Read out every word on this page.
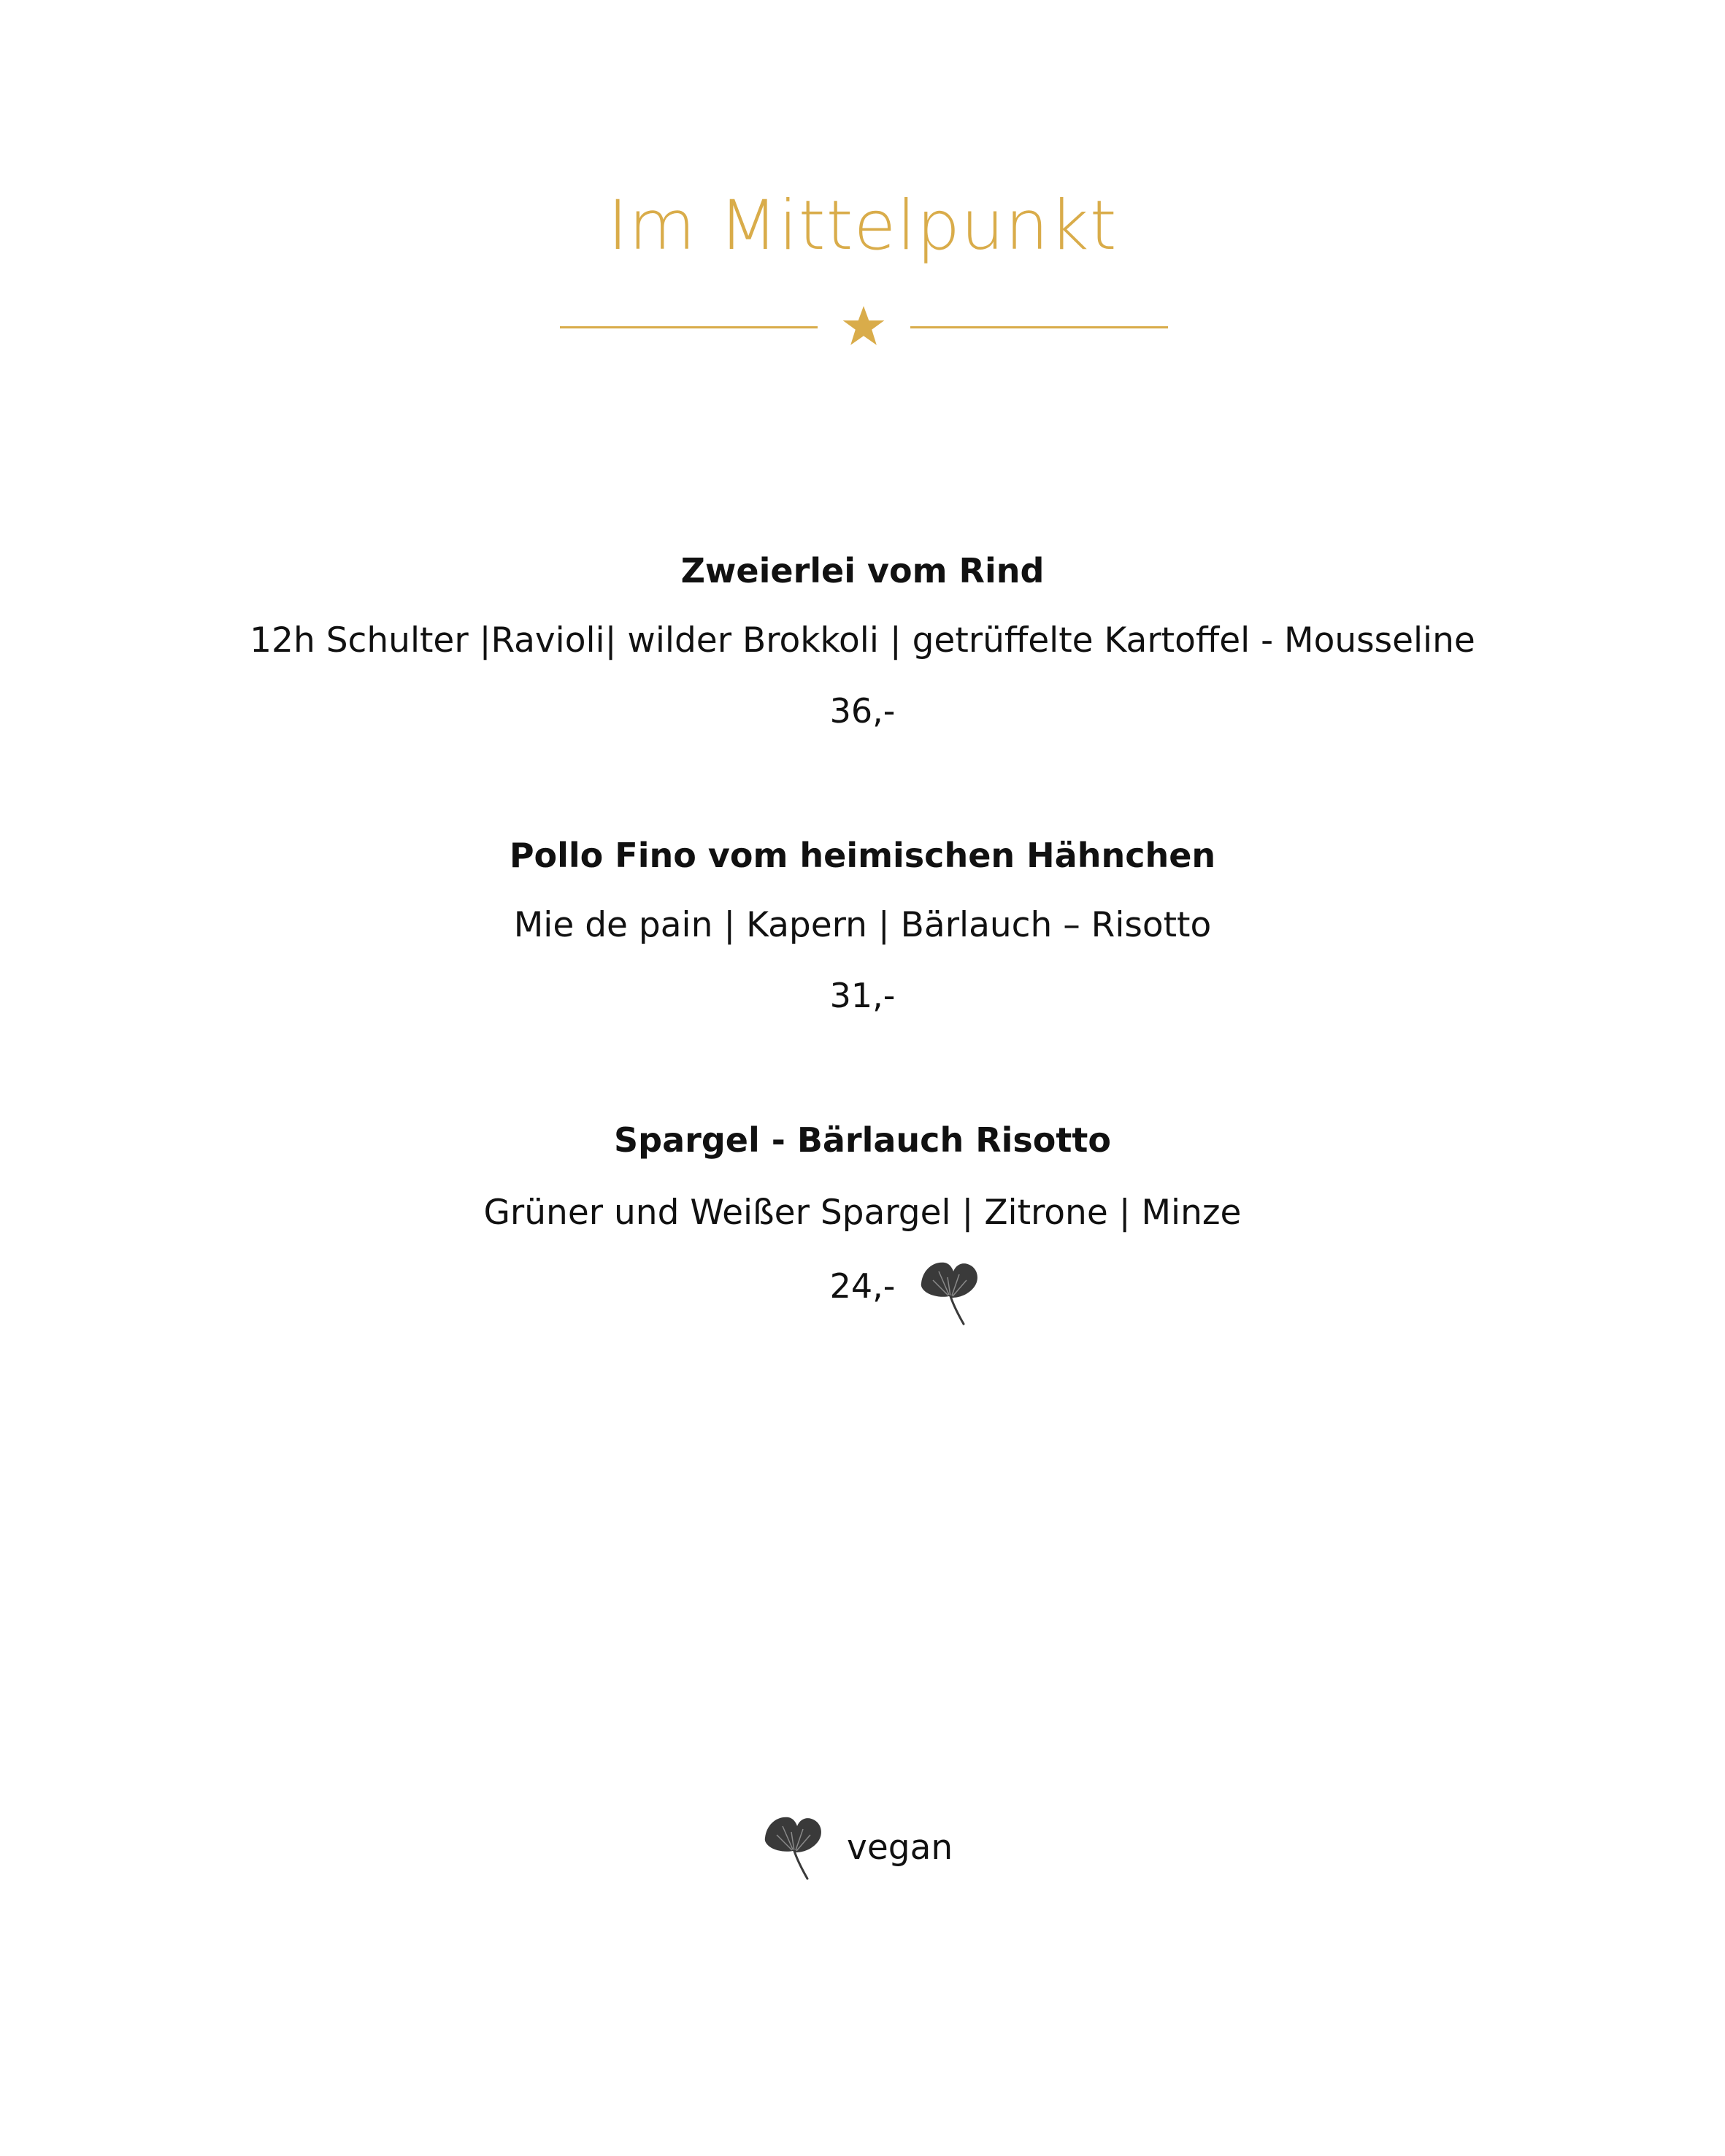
Im Mittelpunkt
Zweierlei vom Rind
12h Schulter |Ravioli| wilder Brokkoli | getrüffelte Kartoffel - Mousseline
36,-
Pollo Fino vom heimischen Hähnchen
Mie de pain | Kapern | Bärlauch – Risotto
31,-
Spargel - Bärlauch Risotto
Grüner und Weißer Spargel | Zitrone | Minze
24,-
vegan
